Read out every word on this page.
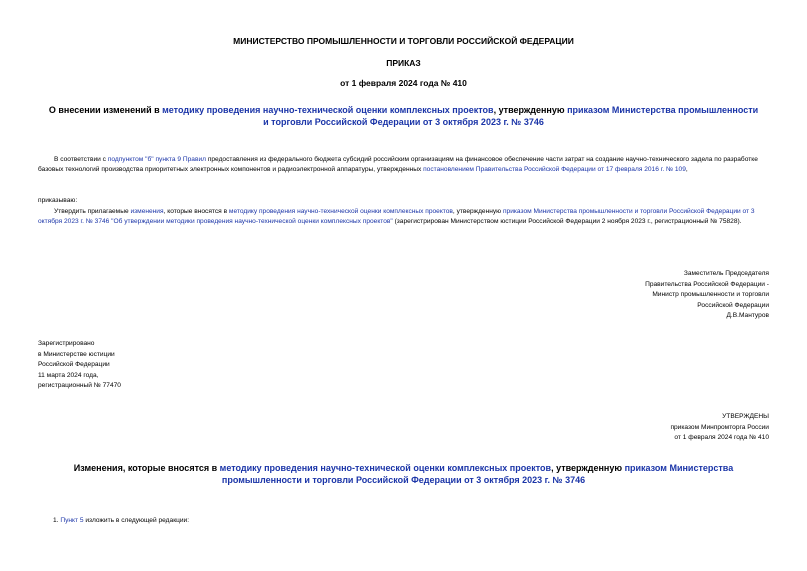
МИНИСТЕРСТВО ПРОМЫШЛЕННОСТИ И ТОРГОВЛИ РОССИЙСКОЙ ФЕДЕРАЦИИ
ПРИКАЗ
от 1 февраля 2024 года № 410
О внесении изменений в методику проведения научно-технической оценки комплексных проектов, утвержденную приказом Министерства промышленности и торговли Российской Федерации от 3 октября 2023 г. № 3746
В соответствии с подпунктом "б" пункта 9 Правил предоставления из федерального бюджета субсидий российским организациям на финансовое обеспечение части затрат на создание научно-технического задела по разработке базовых технологий производства приоритетных электронных компонентов и радиоэлектронной аппаратуры, утвержденных постановлением Правительства Российской Федерации от 17 февраля 2016 г. № 109,
приказываю:
Утвердить прилагаемые изменения, которые вносятся в методику проведения научно-технической оценки комплексных проектов, утвержденную приказом Министерства промышленности и торговли Российской Федерации от 3 октября 2023 г. № 3746 "Об утверждении методики проведения научно-технической оценки комплексных проектов" (зарегистрирован Министерством юстиции Российской Федерации 2 ноября 2023 г., регистрационный № 75828).
Заместитель Председателя
Правительства Российской Федерации -
Министр промышленности и торговли
Российской Федерации
Д.В.Мантуров
Зарегистрировано
в Министерстве юстиции
Российской Федерации
11 марта 2024 года,
регистрационный № 77470
УТВЕРЖДЕНЫ
приказом Минпромторга России
от 1 февраля 2024 года № 410
Изменения, которые вносятся в методику проведения научно-технической оценки комплексных проектов, утвержденную приказом Министерства промышленности и торговли Российской Федерации от 3 октября 2023 г. № 3746
1. Пункт 5 изложить в следующей редакции:
